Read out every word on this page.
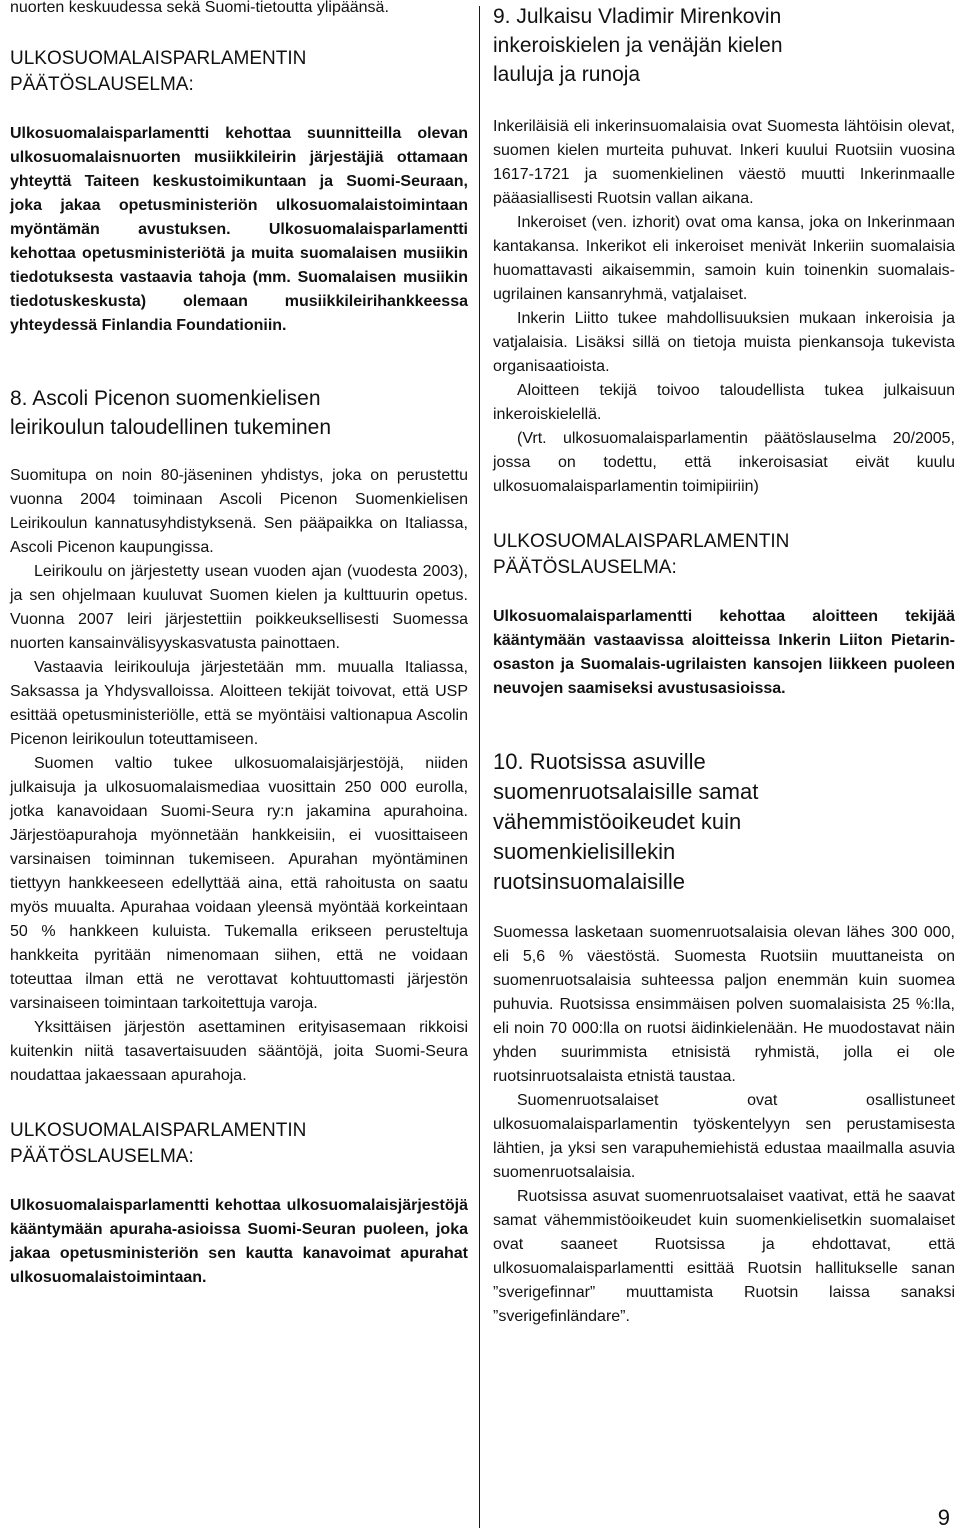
nuorten keskuudessa sekä Suomi-tietoutta ylipäänsä.

ULKOSUOMALAISPARLAMENTIN
PÄÄTÖSLAUSELMA:

Ulkosuomalaisparlamentti kehottaa suunnitteilla olevan ulkosuomalaisnuorten musiikkileirin järjestäjiä ottamaan yhteyttä Taiteen keskustoimikuntaan ja Suomi-Seuraan, joka jakaa opetusministeriön ulkosuomalaistoimintaan myöntämän avustuksen. Ulkosuomalaisparlamentti kehottaa opetusministeriötä ja muita suomalaisen musiikin tiedotuksesta vastaavia tahoja (mm. Suomalaisen musiikin tiedotuskeskusta) olemaan musiikkileirihankkeessa yhteydessä Finlandia Foundationiin.

8. Ascoli Picenon suomenkielisen
leirikoulun taloudellinen tukeminen

Suomitupa on noin 80-jäseninen yhdistys, joka on perustettu vuonna 2004 toiminaan Ascoli Picenon Suomenkielisen Leirikoulun kannatusyhdistyksenä. Sen pääpaikka on Italiassa, Ascoli Picenon kaupungissa.

Leirikoulu on järjestetty usean vuoden ajan (vuodesta 2003), ja sen ohjelmaan kuuluvat Suomen kielen ja kulttuurin opetus. Vuonna 2007 leiri järjestettiin poikkeuksellisesti Suomessa nuorten kansainvälisyyskasvatusta painottaen.

Vastaavia leirikouluja järjestetään mm. muualla Italiassa, Saksassa ja Yhdysvalloissa. Aloitteen tekijät toivovat, että USP esittää opetusministeriölle, että se myöntäisi valtionapua Ascolin Picenon leirikoulun toteuttamiseen.

Suomen valtio tukee ulkosuomalaisjärjestöjä, niiden julkaisuja ja ulkosuomalaismediaa vuosittain 250 000 eurolla, jotka kanavoidaan Suomi-Seura ry:n jakamina apurahoina. Järjestöapurahoja myönnetään hankkeisiin, ei vuosittaiseen varsinaisen toiminnan tukemiseen. Apurahan myöntäminen tiettyyn hankkeeseen edellyttää aina, että rahoitusta on saatu myös muualta. Apurahaa voidaan yleensä myöntää korkeintaan 50 % hankkeen kuluista. Tukemalla erikseen perusteltuja hankkeita pyritään nimenomaan siihen, että ne voidaan toteuttaa ilman että ne verottavat kohtuuttomasti järjestön varsinaiseen toimintaan tarkoitettuja varoja.

Yksittäisen järjestön asettaminen erityisasemaan rikkoisi kuitenkin niitä tasavertaisuuden sääntöjä, joita Suomi-Seura noudattaa jakaessaan apurahoja.

ULKOSUOMALAISPARLAMENTIN
PÄÄTÖSLAUSELMA:

Ulkosuomalaisparlamentti kehottaa ulkosuomalaisjärjestöjä kääntymään apuraha-asioissa Suomi-Seuran puoleen, joka jakaa opetusministeriön sen kautta kanavoimat apurahat ulkosuomalaistoimintaan.

9. Julkaisu Vladimir Mirenkovin
inkeroiskielen ja venäjän kielen
lauluja ja runoja

Inkeriläisiä eli inkerinsuomalaisia ovat Suomesta lähtöisin olevat, suomen kielen murteita puhuvat. Inkeri kuului Ruotsiin vuosina 1617-1721 ja suomenkielinen väestö muutti Inkerinmaalle pääasiallisesti Ruotsin vallan aikana.

Inkeroiset (ven. izhorit) ovat oma kansa, joka on Inkerinmaan kantakansa. Inkerikot eli inkeroiset menivät Inkeriin suomalaisia huomattavasti aikaisemmin, samoin kuin toinenkin suomalais-ugrilainen kansanryhmä, vatjalaiset.

Inkerin Liitto tukee mahdollisuuksien mukaan inkeroisia ja vatjalaisia. Lisäksi sillä on tietoja muista pienkansoja tukevista organisaatioista.

Aloitteen tekijä toivoo taloudellista tukea julkaisuun inkeroiskielellä.

(Vrt. ulkosuomalaisparlamentin päätöslauselma 20/2005, jossa on todettu, että inkeroisasiat eivät kuulu ulkosuomalaisparlamentin toimipiiriin)

ULKOSUOMALAISPARLAMENTIN
PÄÄTÖSLAUSELMA:

Ulkosuomalaisparlamentti kehottaa aloitteen tekijää kääntymään vastaavissa aloitteissa Inkerin Liiton Pietarin-osaston ja Suomalais-ugrilaisten kansojen liikkeen puoleen neuvojen saamiseksi avustusasioissa.

10. Ruotsissa asuville
suomenruotsalaisille samat
vähemmistöoikeudet kuin
suomenkielisillekin
ruotsinsuomalaisille

Suomessa lasketaan suomenruotsalaisia olevan lähes 300 000, eli 5,6 % väestöstä. Suomesta Ruotsiin muuttaneista on suomenruotsalaisia suhteessa paljon enemmän kuin suomea puhuvia. Ruotsissa ensimmäisen polven suomalaisista 25 %:lla, eli noin 70 000:lla on ruotsi äidinkielenään. He muodostavat näin yhden suurimmista etnisistä ryhmistä, jolla ei ole ruotsinruotsalaista etnistä taustaa.

Suomenruotsalaiset ovat osallistuneet ulkosuomalaisparlamentin työskentelyyn sen perustamisesta lähtien, ja yksi sen varapuhemiehistä edustaa maailmalla asuvia suomenruotsalaisia.

Ruotsissa asuvat suomenruotsalaiset vaativat, että he saavat samat vähemmistöoikeudet kuin suomenkielisetkin suomalaiset ovat saaneet Ruotsissa ja ehdottavat, että ulkosuomalaisparlamentti esittää Ruotsin hallitukselle sanan ”sverigefinnar” muuttamista Ruotsin laissa sanaksi ”sverigefinländare”.

9
